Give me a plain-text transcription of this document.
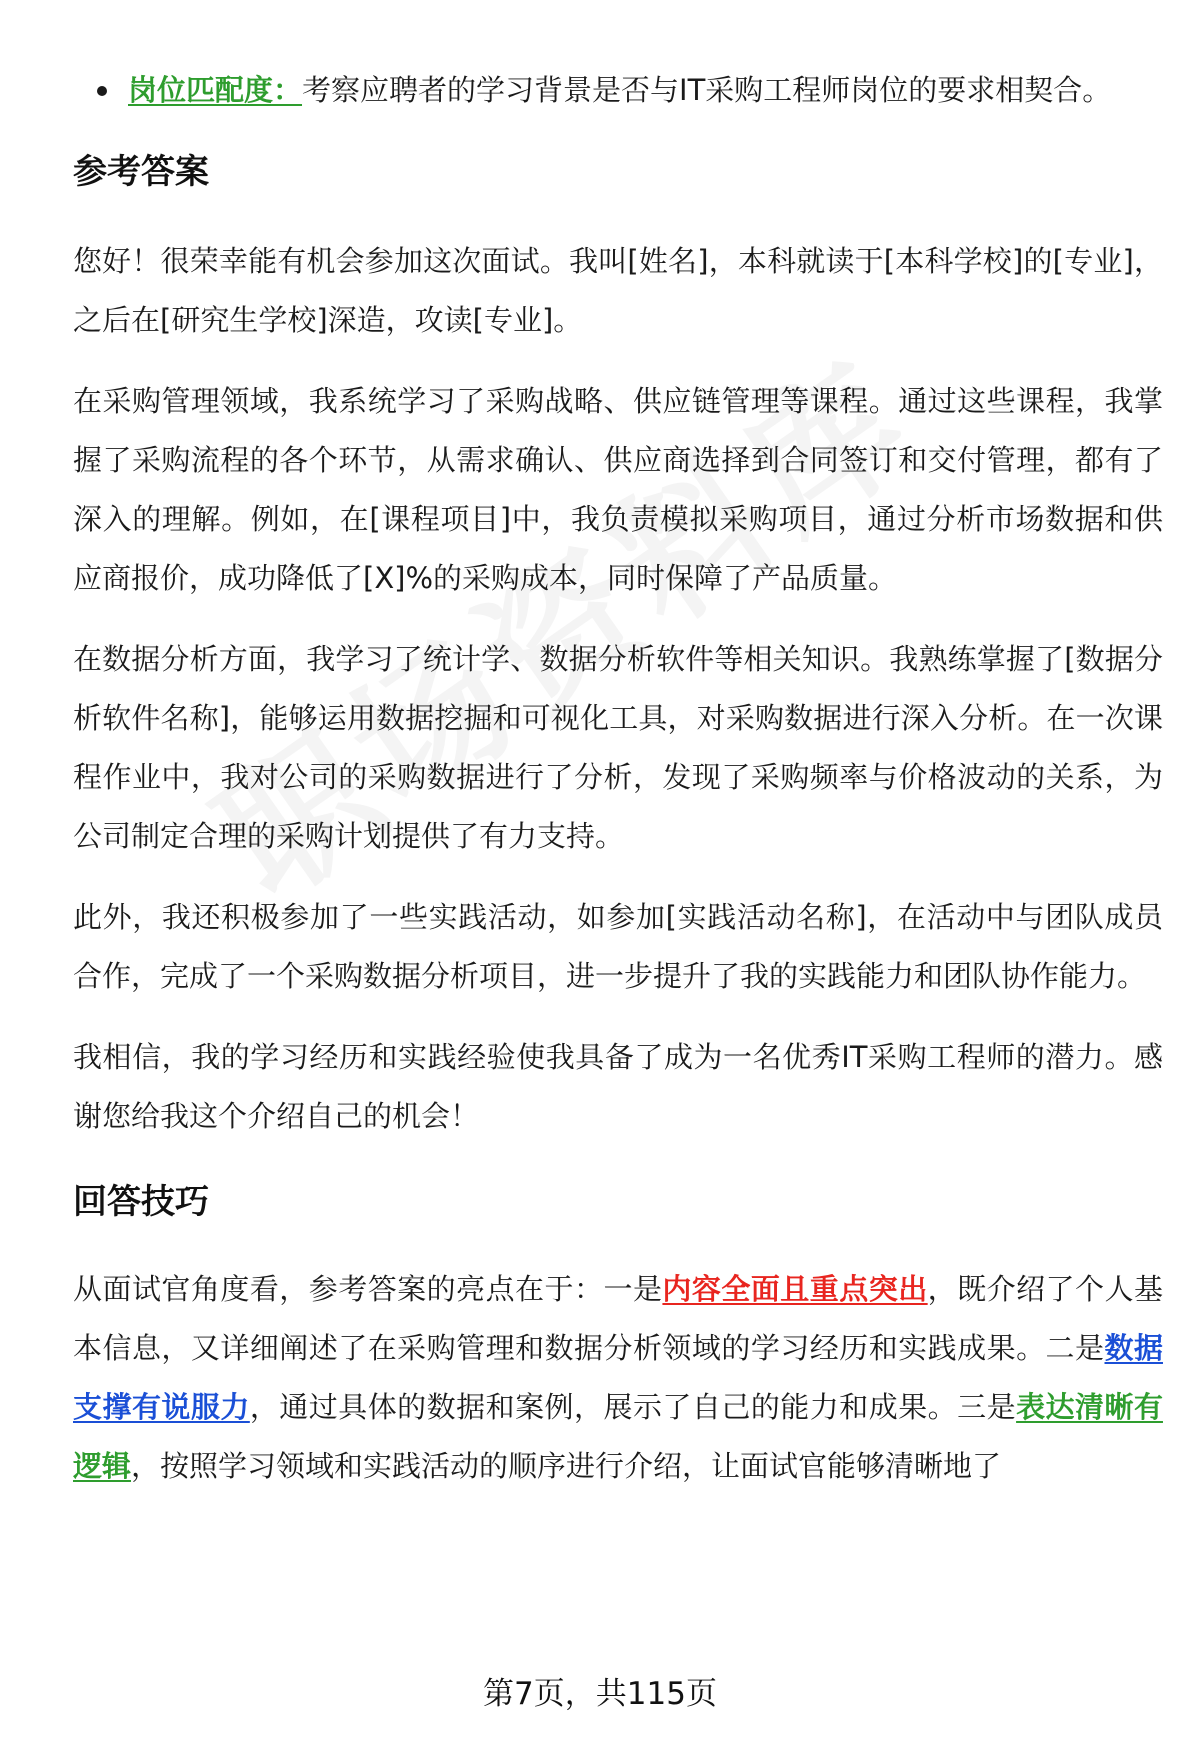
岗位匹配度：考察应聘者的学习背景是否与IT采购工程师岗位的要求相契合。
参考答案

您好！很荣幸能有机会参加这次面试。我叫[姓名]，本科就读于[本科学校]的[专业]，之后在[研究生学校]深造，攻读[专业]。

在采购管理领域，我系统学习了采购战略、供应链管理等课程。通过这些课程，我掌握了采购流程的各个环节，从需求确认、供应商选择到合同签订和交付管理，都有了深入的理解。例如，在[课程项目]中，我负责模拟采购项目，通过分析市场数据和供应商报价，成功降低了[X]%的采购成本，同时保障了产品质量。

在数据分析方面，我学习了统计学、数据分析软件等相关知识。我熟练掌握了[数据分析软件名称]，能够运用数据挖掘和可视化工具，对采购数据进行深入分析。在一次课程作业中，我对公司的采购数据进行了分析，发现了采购频率与价格波动的关系，为公司制定合理的采购计划提供了有力支持。

此外，我还积极参加了一些实践活动，如参加[实践活动名称]，在活动中与团队成员合作，完成了一个采购数据分析项目，进一步提升了我的实践能力和团队协作能力。

我相信，我的学习经历和实践经验使我具备了成为一名优秀IT采购工程师的潜力。感谢您给我这个介绍自己的机会！

回答技巧

从面试官角度看，参考答案的亮点在于：一是内容全面且重点突出，既介绍了个人基本信息，又详细阐述了在采购管理和数据分析领域的学习经历和实践成果。二是数据支撑有说服力，通过具体的数据和案例，展示了自己的能力和成果。三是表达清晰有逻辑，按照学习领域和实践活动的顺序进行介绍，让面试官能够清晰地了

第7页，共115页
